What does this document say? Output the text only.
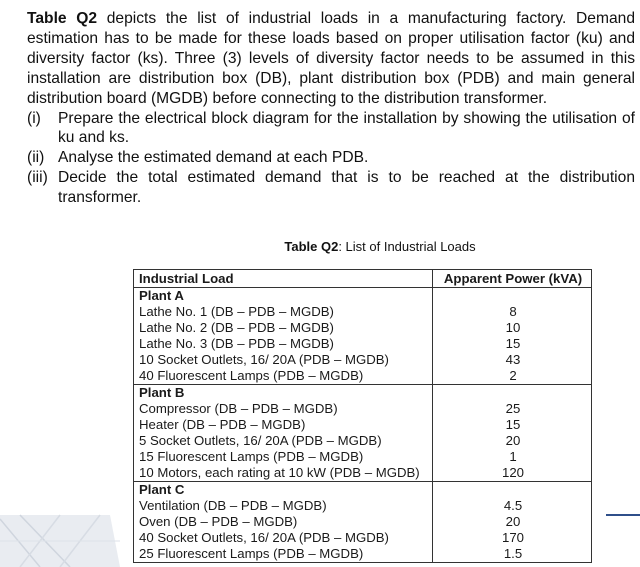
Table Q2 depicts the list of industrial loads in a manufacturing factory. Demand estimation has to be made for these loads based on proper utilisation factor (ku) and diversity factor (ks). Three (3) levels of diversity factor needs to be assumed in this installation are distribution box (DB), plant distribution box (PDB) and main general distribution board (MGDB) before connecting to the distribution transformer.

(i)	Prepare the electrical block diagram for the installation by showing the utilisation of ku and ks.
(ii) Analyse the estimated demand at each PDB.
(iii) Decide the total estimated demand that is to be reached at the distribution transformer.
Table Q2: List of Industrial Loads
Industrial Load	Apparent Power (kVA)
Plant A	
Lathe No. 1 (DB – PDB – MGDB)	8
Lathe No. 2 (DB – PDB – MGDB)	10
Lathe No. 3 (DB – PDB – MGDB)	15
10 Socket Outlets, 16/ 20A (PDB – MGDB)	43
40 Fluorescent Lamps (PDB – MGDB)	2
Plant B	
Compressor (DB – PDB – MGDB)	25
Heater (DB – PDB – MGDB)	15
5 Socket Outlets, 16/ 20A (PDB – MGDB)	20
15 Fluorescent Lamps (PDB – MGDB)	1
10 Motors, each rating at 10 kW (PDB – MGDB)	120
Plant C	
Ventilation (DB – PDB – MGDB)	4.5
Oven (DB – PDB – MGDB)	20
40 Socket Outlets, 16/ 20A (PDB – MGDB)	170
25 Fluorescent Lamps (PDB – MGDB)	1.5
